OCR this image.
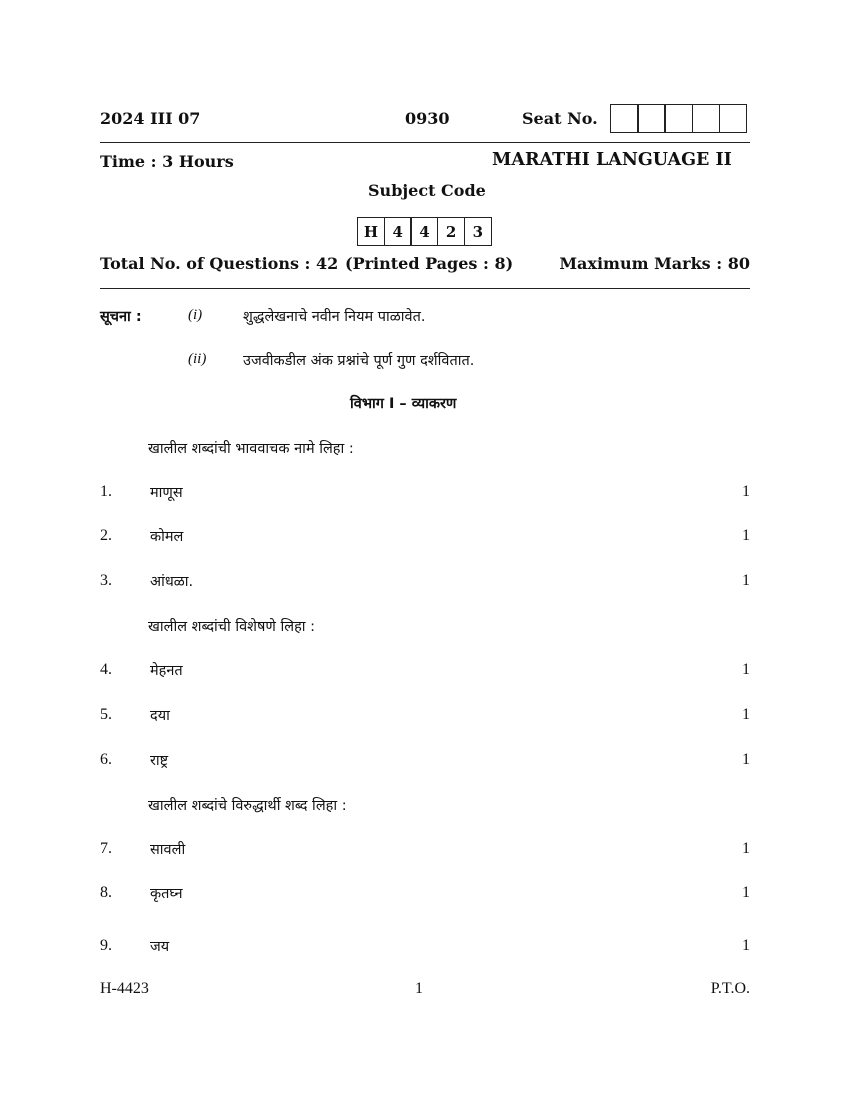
2024 III 07	0930	Seat No.
Time : 3 Hours	MARATHI LANGUAGE II
Subject Code
H 4	4	2	3
Total No. of Questions : 42 (Printed Pages : 8)	Maximum Marks : 80
सूचना :	(i)	शुद्धलेखनाचे नवीन नियम पाळावेत.
(ii)	उजवीकडील अंक प्रश्नांचे पूर्ण गुण दर्शवितात.
विभाग I – व्याकरण
खालील शब्दांची भाववाचक नामे लिहा :
1.	माणूस	1
2.	कोमल	1
3.	आंधळा.	1
खालील शब्दांची विशेषणे लिहा :
4.	मेहनत	1
5.	दया	1
6.	राष्ट्र	1
खालील शब्दांचे विरुद्धार्थी शब्द लिहा :
7.	सावली	1
8.	कृतघ्न	1
9.	जय	1
H-4423	1	P.T.O.
